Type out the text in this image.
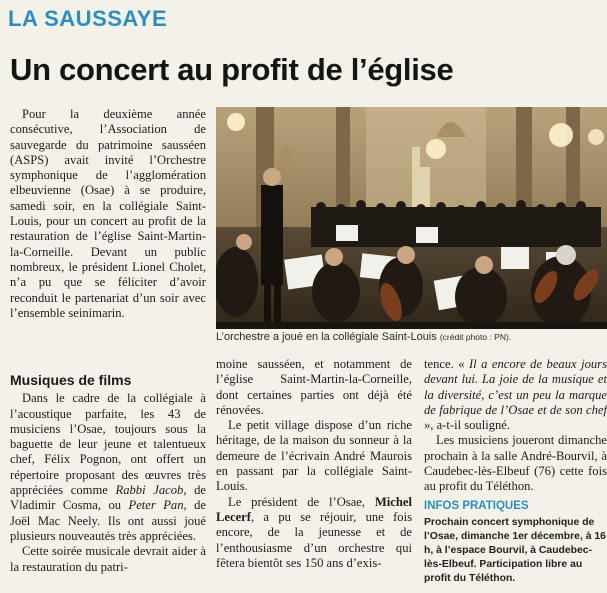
LA SAUSSAYE
Un concert au profit de l’église

Pour la deuxième année consécutive, l’Association de sauvegarde du patrimoine sausséen (ASPS) avait invité l’Orchestre symphonique de l’agglomération elbeuvienne (Osae) à se produire, samedi soir, en la collégiale Saint-Louis, pour un concert au profit de la restauration de l’église Saint-Martin-la-Corneille. Devant un public nombreux, le président Lionel Cholet, n’a pu que se féliciter d’avoir reconduit le partenariat d’un soir avec l’ensemble seinimarin.

Musiques de films

Dans le cadre de la collégiale à l’acoustique parfaite, les 43 de musiciens l’Osae, toujours sous la baguette de leur jeune et talentueux chef, Félix Pognon, ont offert un répertoire proposant des œuvres très appréciées comme Rabbi Jacob, de Vladimir Cosma, ou Peter Pan, de Joël Mac Neely. Ils ont aussi joué plusieurs nouveautés très appréciées.

Cette soirée musicale devrait aider à la restauration du patri-

L’orchestre a joué en la collégiale Saint-Louis (crédit photo : PN).

moine sausséen, et notamment de l’église Saint-Martin-la-Corneille, dont certaines parties ont déjà été rénovées.

Le petit village dispose d’un riche héritage, de la maison du sonneur à la demeure de l’écrivain André Maurois en passant par la collégiale Saint-Louis.

Le président de l’Osae, Michel Lecerf, a pu se réjouir, une fois encore, de la jeunesse et de l’enthousiasme d’un orchestre qui fêtera bientôt ses 150 ans d’exis-

tence. « Il a encore de beaux jours devant lui. La joie de la musique et la diversité, c’est un peu la marque de fabrique de l’Osae et de son chef », a-t-il souligné.

Les musiciens joueront dimanche prochain à la salle André-Bourvil, à Caudebec-lès-Elbeuf (76) cette fois au profit du Téléthon.

INFOS PRATIQUES
Prochain concert symphonique de l’Osae, dimanche 1er décembre, à 16 h, à l’espace Bourvil, à Caudebec-lès-Elbeuf. Participation libre au profit du Téléthon.
